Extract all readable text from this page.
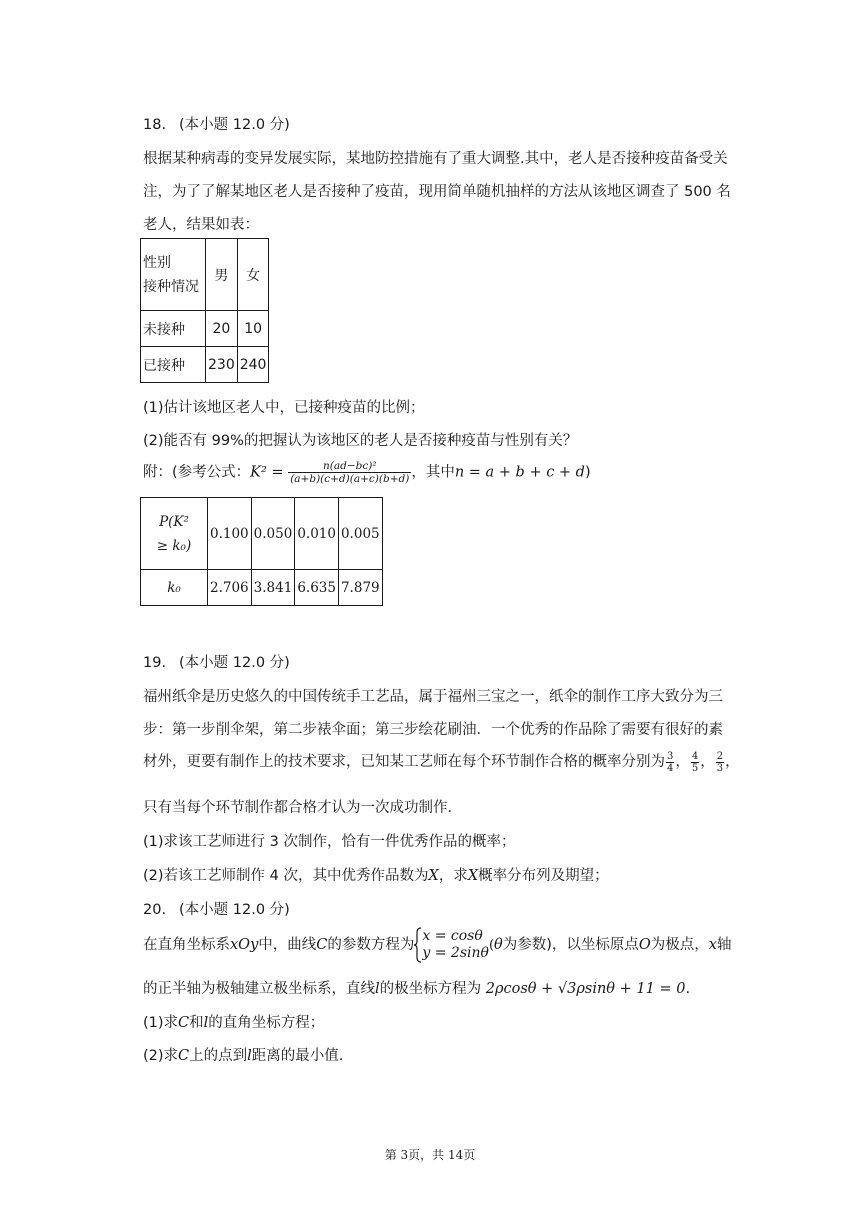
18. (本小题 12.0 分)
根据某种病毒的变异发展实际，某地防控措施有了重大调整.其中，老人是否接种疫苗备受关
注，为了了解某地区老人是否接种了疫苗，现用简单随机抽样的方法从该地区调查了 500 名
老人，结果如表：
性别
接种情况	男	女
未接种	20	10
已接种	230	240
(1)估计该地区老人中，已接种疫苗的比例；
(2)能否有 99%的把握认为该地区的老人是否接种疫苗与性别有关？
附：(参考公式：$K^2 = \frac{\text{n(ad−bc)²}}{(a+b)(c+d)(a+c)(b+d)}$ ，其中n = a + b + c + d)
P(K²
≥ k₀)	0.100	0.050	0.010	0.005
k₀	2.706	3.841	6.635	7.879
19. (本小题 12.0 分)
福州纸伞是历史悠久的中国传统手工艺品，属于福州三宝之一，纸伞的制作工序大致分为三
步：第一步削伞架，第二步裱伞面；第三步绘花刷油．一个优秀的作品除了需要有很好的素
材外，更要有制作上的技术要求，已知某工艺师在每个环节制作合格的概率分别为 $\frac{3}{4}$ ， $\frac{4}{5}$ ， $\frac{2}{3}$ ，
只有当每个环节制作都合格才认为一次成功制作．
(1)求该工艺师进行 3 次制作，恰有一件优秀作品的概率；
(2)若该工艺师制作 4 次，其中优秀作品数为X，求X概率分布列及期望；
20. (本小题 12.0 分)
在直角坐标系xOy中，曲线C的参数方程为
x = cosθ
y = 2sinθ (θ为参数)，以坐标原点O为极点，x轴
的正半轴为极轴建立极坐标系，直线l的极坐标方程为 2ρcosθ + √3ρsinθ + 11 = 0.
(1)求C和l的直角坐标方程；
(2)求C上的点到l距离的最小值.
第 3页，共 14页
